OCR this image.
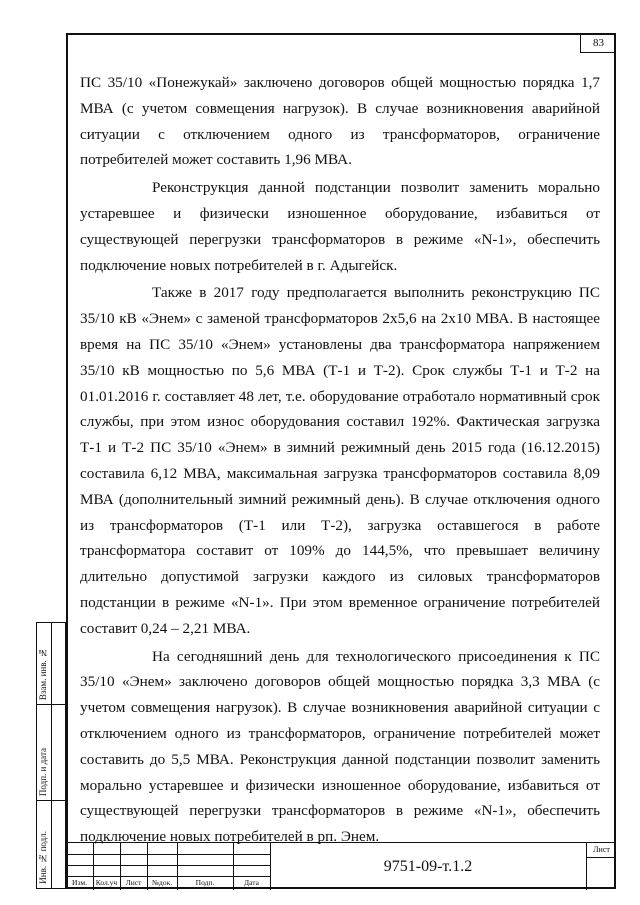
83

ПС 35/10 «Понежукай» заключено договоров общей мощностью порядка 1,7 МВА (с учетом совмещения нагрузок). В случае возникновения аварийной ситуации с отключением одного из трансформаторов, ограничение потребителей может составить 1,96 МВА.

Реконструкция данной подстанции позволит заменить морально устаревшее и физически изношенное оборудование, избавиться от существующей перегрузки трансформаторов в режиме «N-1», обеспечить подключение новых потребителей в г. Адыгейск.

Также в 2017 году предполагается выполнить реконструкцию ПС 35/10 кВ «Энем» с заменой трансформаторов 2х5,6 на 2х10 МВА. В настоящее время на ПС 35/10 «Энем» установлены два трансформатора напряжением 35/10 кВ мощностью по 5,6 МВА (Т-1 и Т-2). Срок службы Т-1 и Т-2 на 01.01.2016 г. составляет 48 лет, т.е. оборудование отработало нормативный срок службы, при этом износ оборудования составил 192%. Фактическая загрузка Т-1 и Т-2 ПС 35/10 «Энем» в зимний режимный день 2015 года (16.12.2015) составила 6,12 МВА, максимальная загрузка трансформаторов составила 8,09 МВА (дополнительный зимний режимный день). В случае отключения одного из трансформаторов (Т-1 или Т-2), загрузка оставшегося в работе трансформатора составит от 109% до 144,5%, что превышает величину длительно допустимой загрузки каждого из силовых трансформаторов подстанции в режиме «N-1». При этом временное ограничение потребителей составит 0,24 – 2,21 МВА.

На сегодняшний день для технологического присоединения к ПС 35/10 «Энем» заключено договоров общей мощностью порядка 3,3 МВА (с учетом совмещения нагрузок). В случае возникновения аварийной ситуации с отключением одного из трансформаторов, ограничение потребителей может составить до 5,5 МВА. Реконструкция данной подстанции позволит заменить морально устаревшее и физически изношенное оборудование, избавиться от существующей перегрузки трансформаторов в режиме «N-1», обеспечить подключение новых потребителей в рп. Энем.

Взам. инв. №
Подп. и дата
Инв. № подл.	Изм.	Кол.уч	Лист	№док.	Подп.	Дата
9751-09-т.1.2
Лист
